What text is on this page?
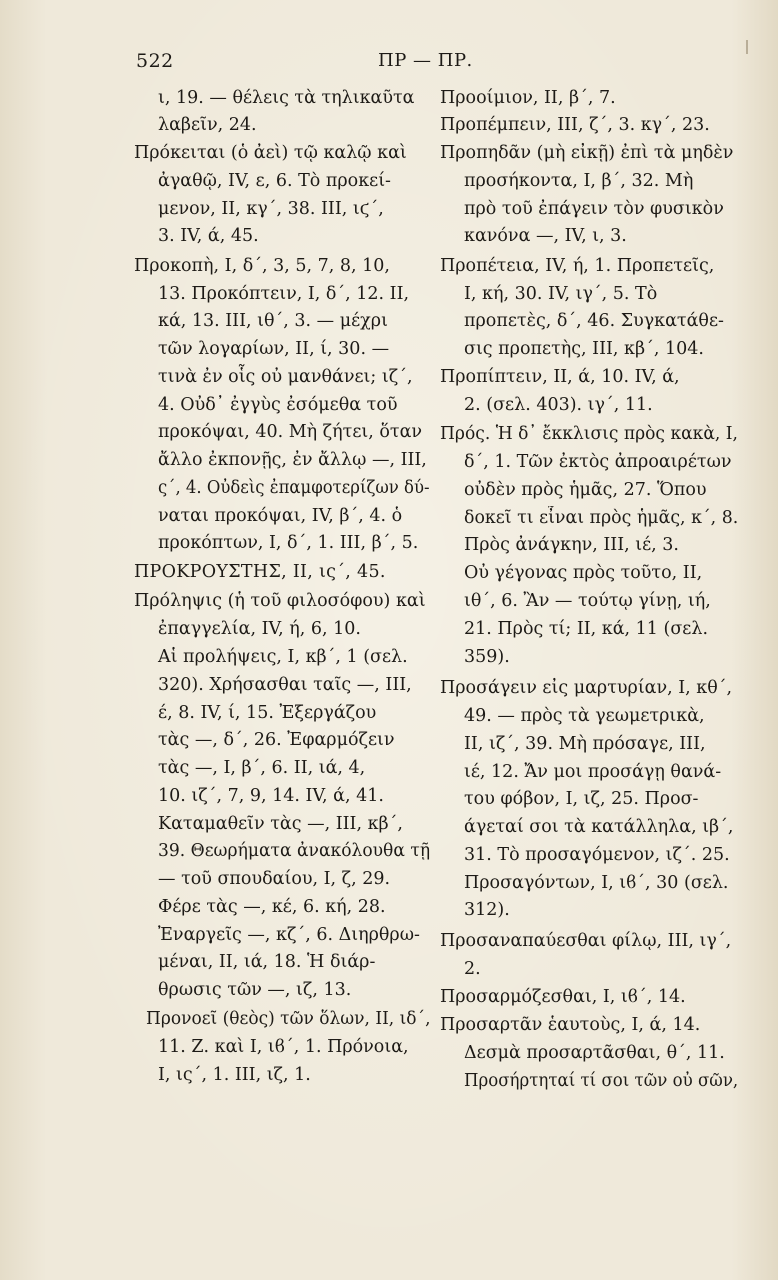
522	ΠΡ — ΠΡ.
ι, 19. — θέλεις τὰ τηλικαῦτα
λαβεῖν, 24.
Πρόκειται (ὁ ἀεὶ) τῷ καλῷ καὶ
ἀγαθῷ, IV, ε, 6. Τὸ προκεί-
μενον, II, κγ΄, 38. III, ιϛ΄,
3. IV, ά, 45.
Προκοπὴ, I, δ΄, 3, 5, 7, 8, 10,
13. Προκόπτειν, I, δ΄, 12. II,
κά, 13. III, ιθ΄, 3. — μέχρι
τῶν λογαρίων, II, ί, 30. —
τινὰ ἐν οἷς οὐ μανθάνει; ιζ΄,
4. Οὐδ᾽ ἐγγὺς ἐσόμεθα τοῦ
προκόψαι, 40. Μὴ ζήτει, ὅταν
ἄλλο ἐκπονῇς, ἐν ἄλλῳ —, III,
ς΄, 4. Οὐδεὶς ἐπαμφοτερίζων δύ-
ναται προκόψαι, IV, β΄, 4. ὁ
προκόπτων, I, δ΄, 1. III, β΄, 5.
ΠΡΟΚΡΟΥΣΤΗΣ, II, ις΄, 45.
Πρόληψις (ἡ τοῦ φιλοσόφου) καὶ
ἐπαγγελία, IV, ή, 6, 10.
Αἱ προλήψεις, I, κβ΄, 1 (σελ.
320). Χρήσασθαι ταῖς —, III,
έ, 8. IV, ί, 15. Ἐξεργάζου
τὰς —, δ΄, 26. Ἐφαρμόζειν
τὰς —, I, β΄, 6. II, ιά, 4,
10. ιζ΄, 7, 9, 14. IV, ά, 41.
Καταμαθεῖν τὰς —, III, κβ΄,
39. Θεωρήματα ἀνακόλουθα τῇ
— τοῦ σπουδαίου, I, ζ, 29.
Φέρε τὰς —, κέ, 6. κή, 28.
Ἐναργεῖς —, κζ΄, 6. Διηρθρω-
μέναι, II, ιά, 18. Ἡ διάρ-
θρωσις τῶν —, ιζ, 13.
Προνοεῖ (θεὸς) τῶν ὅλων, II, ιδ΄,
11. Ζ. καὶ I, ιϐ΄, 1. Πρόνοια,
I, ις΄, 1. III, ιζ, 1.
Προοίμιον, II, β΄, 7.
Προπέμπειν, III, ζ΄, 3. κγ΄, 23.
Προπηδᾶν (μὴ εἰκῇ) ἐπὶ τὰ μηδὲν
προσήκοντα, I, β΄, 32. Μὴ
πρὸ τοῦ ἐπάγειν τὸν φυσικὸν
κανόνα —, IV, ι, 3.
Προπέτεια, IV, ή, 1. Προπετεῖς,
I, κή, 30. IV, ιγ΄, 5. Τὸ
προπετὲς, δ΄, 46. Συγκατάθε-
σις προπετὴς, III, κβ΄, 104.
Προπίπτειν, II, ά, 10. IV, ά,
2. (σελ. 403). ιγ΄, 11.
Πρός. Ἡ δ᾽ ἔκκλισις πρὸς κακὰ, I,
δ΄, 1. Τῶν ἐκτὸς ἀπροαιρέτων
οὐδὲν πρὸς ἡμᾶς, 27. Ὅπου
δοκεῖ τι εἶναι πρὸς ἡμᾶς, κ΄, 8.
Πρὸς ἀνάγκην, III, ιέ, 3.
Οὐ γέγονας πρὸς τοῦτο, II,
ιθ΄, 6. Ἂν — τούτῳ γίνῃ, ιή,
21. Πρὸς τί; II, κά, 11 (σελ.
359).
Προσάγειν εἰς μαρτυρίαν, I, κθ΄,
49. — πρὸς τὰ γεωμετρικὰ,
II, ιζ΄, 39. Μὴ πρόσαγε, III,
ιέ, 12. Ἄν μοι προσάγῃ θανά-
του φόβον, I, ιζ, 25. Προσ-
άγεταί σοι τὰ κατάλληλα, ιβ΄,
31. Τὸ προσαγόμενον, ιζ΄. 25.
Προσαγόντων, I, ιϐ΄, 30 (σελ.
312).
Προσαναπαύεσθαι φίλῳ, III, ιγ΄,
2.
Προσαρμόζεσθαι, I, ιϐ΄, 14.
Προσαρτᾶν ἑαυτοὺς, I, ά, 14.
Δεσμὰ προσαρτᾶσθαι, θ΄, 11.
Προσήρτηταί τί σοι τῶν οὐ σῶν,
